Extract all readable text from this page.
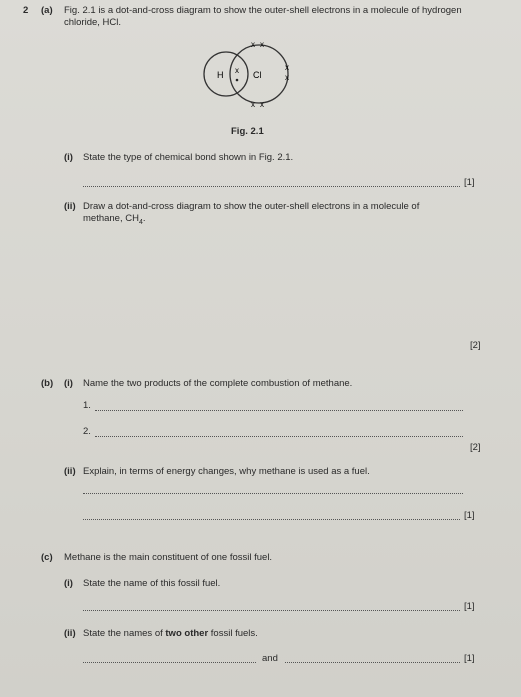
2 (a) Fig. 2.1 is a dot-and-cross diagram to show the outer-shell electrons in a molecule of hydrogen
chloride, HCl.
H	Cl
x
x x
x
x
x x
Fig. 2.1
(i) State the type of chemical bond shown in Fig. 2.1.
[1]
(ii) Draw a dot-and-cross diagram to show the outer-shell electrons in a molecule of
methane, $CH_4$.
[2]
(b) (i) Name the two products of the complete combustion of methane.
1.
2.
[2]
(ii) Explain, in terms of energy changes, why methane is used as a fuel.
[1]
(c) Methane is the main constituent of one fossil fuel.
(i) State the name of this fossil fuel.
[1]
(ii) State the names of two other fossil fuels.
and	[1]
